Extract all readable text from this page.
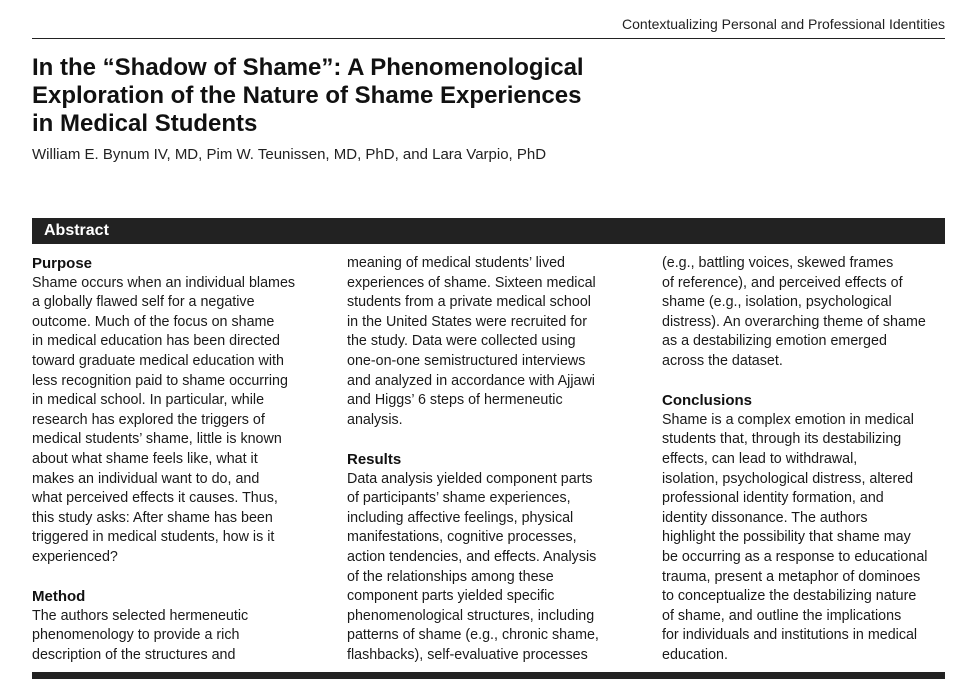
Contextualizing Personal and Professional Identities
In the “Shadow of Shame”: A Phenomenological
Exploration of the Nature of Shame Experiences
in Medical Students
William E. Bynum IV, MD, Pim W. Teunissen, MD, PhD, and Lara Varpio, PhD
Abstract
Purpose
Shame occurs when an individual blames
a globally flawed self for a negative
outcome. Much of the focus on shame
in medical education has been directed
toward graduate medical education with
less recognition paid to shame occurring
in medical school. In particular, while
research has explored the triggers of
medical students’ shame, little is known
about what shame feels like, what it
makes an individual want to do, and
what perceived effects it causes. Thus,
this study asks: After shame has been
triggered in medical students, how is it
experienced?
Method
The authors selected hermeneutic
phenomenology to provide a rich
description of the structures and
meaning of medical students’ lived
experiences of shame. Sixteen medical
students from a private medical school
in the United States were recruited for
the study. Data were collected using
one-on-one semistructured interviews
and analyzed in accordance with Ajjawi
and Higgs’ 6 steps of hermeneutic
analysis.
Results
Data analysis yielded component parts
of participants’ shame experiences,
including affective feelings, physical
manifestations, cognitive processes,
action tendencies, and effects. Analysis
of the relationships among these
component parts yielded specific
phenomenological structures, including
patterns of shame (e.g., chronic shame,
flashbacks), self-evaluative processes
(e.g., battling voices, skewed frames
of reference), and perceived effects of
shame (e.g., isolation, psychological
distress). An overarching theme of shame
as a destabilizing emotion emerged
across the dataset.
Conclusions
Shame is a complex emotion in medical
students that, through its destabilizing
effects, can lead to withdrawal,
isolation, psychological distress, altered
professional identity formation, and
identity dissonance. The authors
highlight the possibility that shame may
be occurring as a response to educational
trauma, present a metaphor of dominoes
to conceptualize the destabilizing nature
of shame, and outline the implications
for individuals and institutions in medical
education.
